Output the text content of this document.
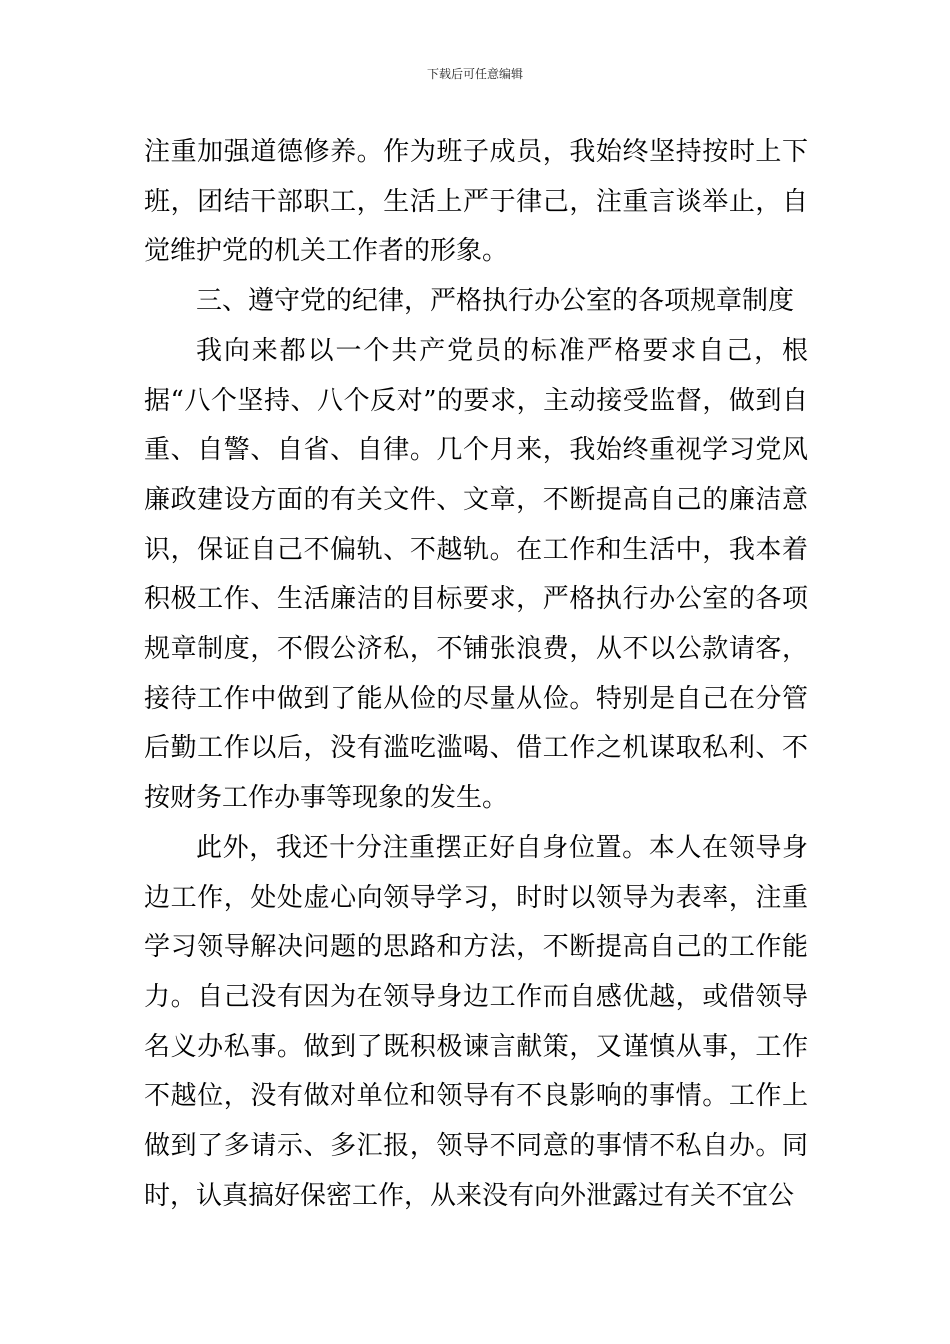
下载后可任意编辑

注重加强道德修养。作为班子成员，我始终坚持按时上下班，团结干部职工，生活上严于律己，注重言谈举止，自觉维护党的机关工作者的形象。

三、遵守党的纪律，严格执行办公室的各项规章制度

我向来都以一个共产党员的标准严格要求自己，根据“八个坚持、八个反对”的要求，主动接受监督，做到自重、自警、自省、自律。几个月来，我始终重视学习党风廉政建设方面的有关文件、文章，不断提高自己的廉洁意识，保证自己不偏轨、不越轨。在工作和生活中，我本着积极工作、生活廉洁的目标要求，严格执行办公室的各项规章制度，不假公济私，不铺张浪费，从不以公款请客，接待工作中做到了能从俭的尽量从俭。特别是自己在分管后勤工作以后，没有滥吃滥喝、借工作之机谋取私利、不按财务工作办事等现象的发生。

此外，我还十分注重摆正好自身位置。本人在领导身边工作，处处虚心向领导学习，时时以领导为表率，注重学习领导解决问题的思路和方法，不断提高自己的工作能力。自己没有因为在领导身边工作而自感优越，或借领导名义办私事。做到了既积极谏言献策，又谨慎从事，工作不越位，没有做对单位和领导有不良影响的事情。工作上做到了多请示、多汇报，领导不同意的事情不私自办。同时，认真搞好保密工作，从来没有向外泄露过有关不宜公
